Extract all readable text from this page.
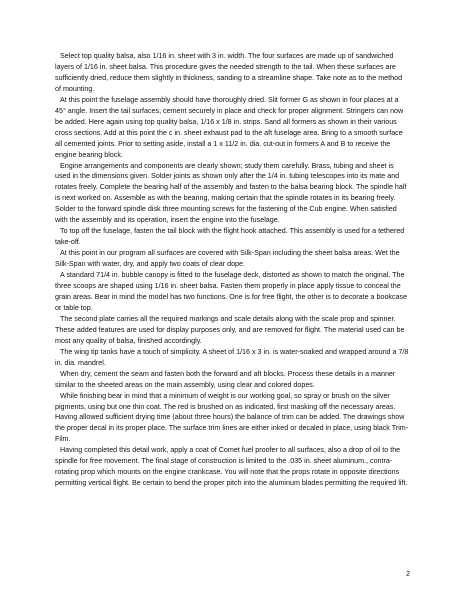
Select top quality balsa, also 1/16 in. sheet with 3 in. width. The four surfaces are made up of sandwiched layers of 1/16 in. sheet balsa. This procedure gives the needed strength to the tail. When these surfaces are sufficiently dried, reduce them slightly in thickness, sanding to a streamline shape. Take note as to the method of mounting.

At this point the fuselage assembly should have thoroughly dried. Slit former G as shown in four places at a 45° angle. Insert the tail surfaces, cement securely in place and check for proper alignment. Stringers can now be added. Here again using top quality balsa, 1/16 x 1/8 in. strips. Sand all formers as shown in their various cross sections. Add at this point the c in. sheet exhaust pad to the aft fuselage area. Bring to a smooth surface all cemented joints. Prior to setting aside, install a 1 x 11/2 in. dia. cut-out in formers A and B to receive the engine bearing block.

Engine arrangements and components are clearly shown; study them carefully. Brass, tubing and sheet is used in the dimensions given. Solder joints as shown only after the 1/4 in. tubing telescopes into its mate and rotates freely. Complete the bearing half of the assembly and fasten to the balsa bearing block. The spindle half is next worked on. Assemble as with the bearing, making certain that the spindle rotates in its bearing freely. Solder to the forward spindle disk three mounting screws for the fastening of the Cub engine. When satisfied with the assembly and its operation, insert the engine into the fuselage.

To top off the fuselage, fasten the tail block with the flight hook attached. This assembly is used for a tethered take-off.

At this point in our program all surfaces are covered with Silk-Span including the sheet balsa areas. Wet the Silk-Span with water, dry, and apply two coats of clear dope.

A standard 71/4 in. bubble canopy is fitted to the fuselage deck, distorted as shown to match the original. The three scoops are shaped using 1/16 in. sheet balsa. Fasten them properly in place apply tissue to conceal the grain areas. Bear in mind the model has two functions. One is for free flight, the other is to decorate a bookcase or table top.

The second plate carries all the required markings and scale details along with the scale prop and spinner. These added features are used for display purposes only, and are removed for flight. The material used can be most any quality of balsa, finished accordingly.

The wing tip tanks have a touch of simplicity. A sheet of 1/16 x 3 in. is water-soaked and wrapped around a 7/8 in. dia. mandrel.

When dry, cement the seam and fasten both the forward and aft blocks. Process these details in a manner similar to the sheeted areas on the main assembly, using clear and colored dopes.

While finishing bear in mind that a minimum of weight is our working goal, so spray or brush on the silver pigments, using but one thin coat. The red is brushed on as indicated, first masking off the necessary areas. Having allowed sufficient drying time (about three hours) the balance of trim can be added. The drawings show the proper decal in its proper place. The surface trim lines are either inked or decaled in place, using black Trim-Film.

Having completed this detail work, apply a coat of Comet fuel proofer to all surfaces, also a drop of oil to the spindle for free movement. The final stage of construction is limited to the .035 in. sheet aluminum., contra-rotating prop which mounts on the engine crankcase. You will note that the props rotate in opposite directions permitting vertical flight. Be certain to bend the proper pitch into the aluminum blades permitting the required lift.

2
